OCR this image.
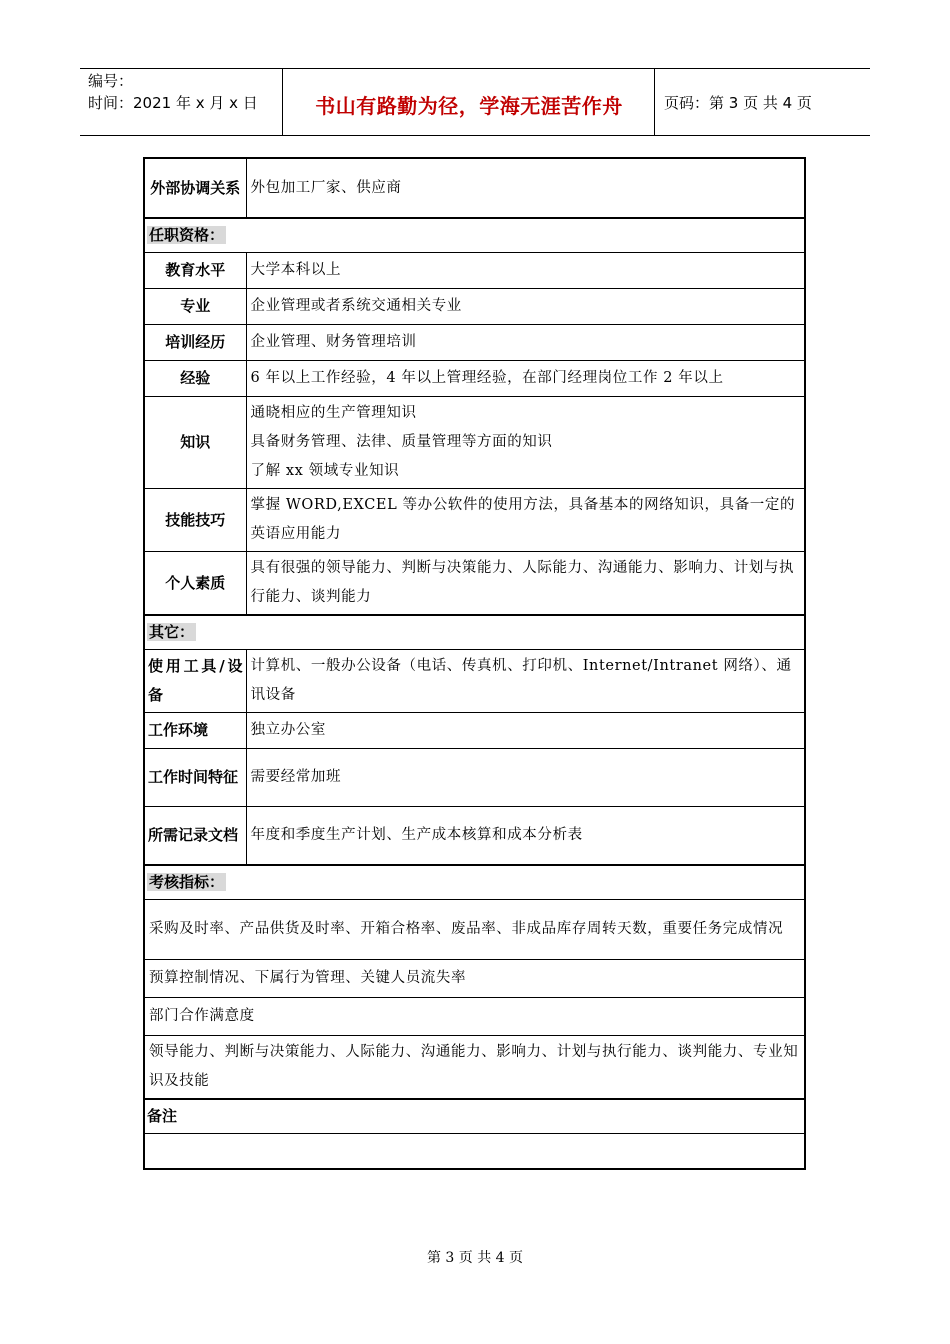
编号：
时间：2021 年 x 月 x 日	书山有路勤为径，学海无涯苦作舟	页码：第 3 页 共 4 页
外部协调关系	外包加工厂家、供应商
任职资格：	
教育水平	大学本科以上
专业	企业管理或者系统交通相关专业
培训经历	企业管理、财务管理培训
经验	6 年以上工作经验，4 年以上管理经验，在部门经理岗位工作 2 年以上
知识	通晓相应的生产管理知识
具备财务管理、法律、质量管理等方面的知识
了解 xx 领域专业知识

技能技巧	掌握 WORD,EXCEL 等办公软件的使用方法，具备基本的网络知识，具备一定的英语应用能力
个人素质	具有很强的领导能力、判断与决策能力、人际能力、沟通能力、影响力、计划与执行能力、谈判能力
其它：	
使用工具/设备	计算机、一般办公设备（电话、传真机、打印机、Internet/Intranet 网络）、通讯设备
工作环境	独立办公室
工作时间特征	需要经常加班
所需记录文档	年度和季度生产计划、生产成本核算和成本分析表
考核指标：	
采购及时率、产品供货及时率、开箱合格率、废品率、非成品库存周转天数，重要任务完成情况	
预算控制情况、下属行为管理、关键人员流失率	
部门合作满意度	
领导能力、判断与决策能力、人际能力、沟通能力、影响力、计划与执行能力、谈判能力、专业知识及技能	
备注	

第 3 页 共 4 页
